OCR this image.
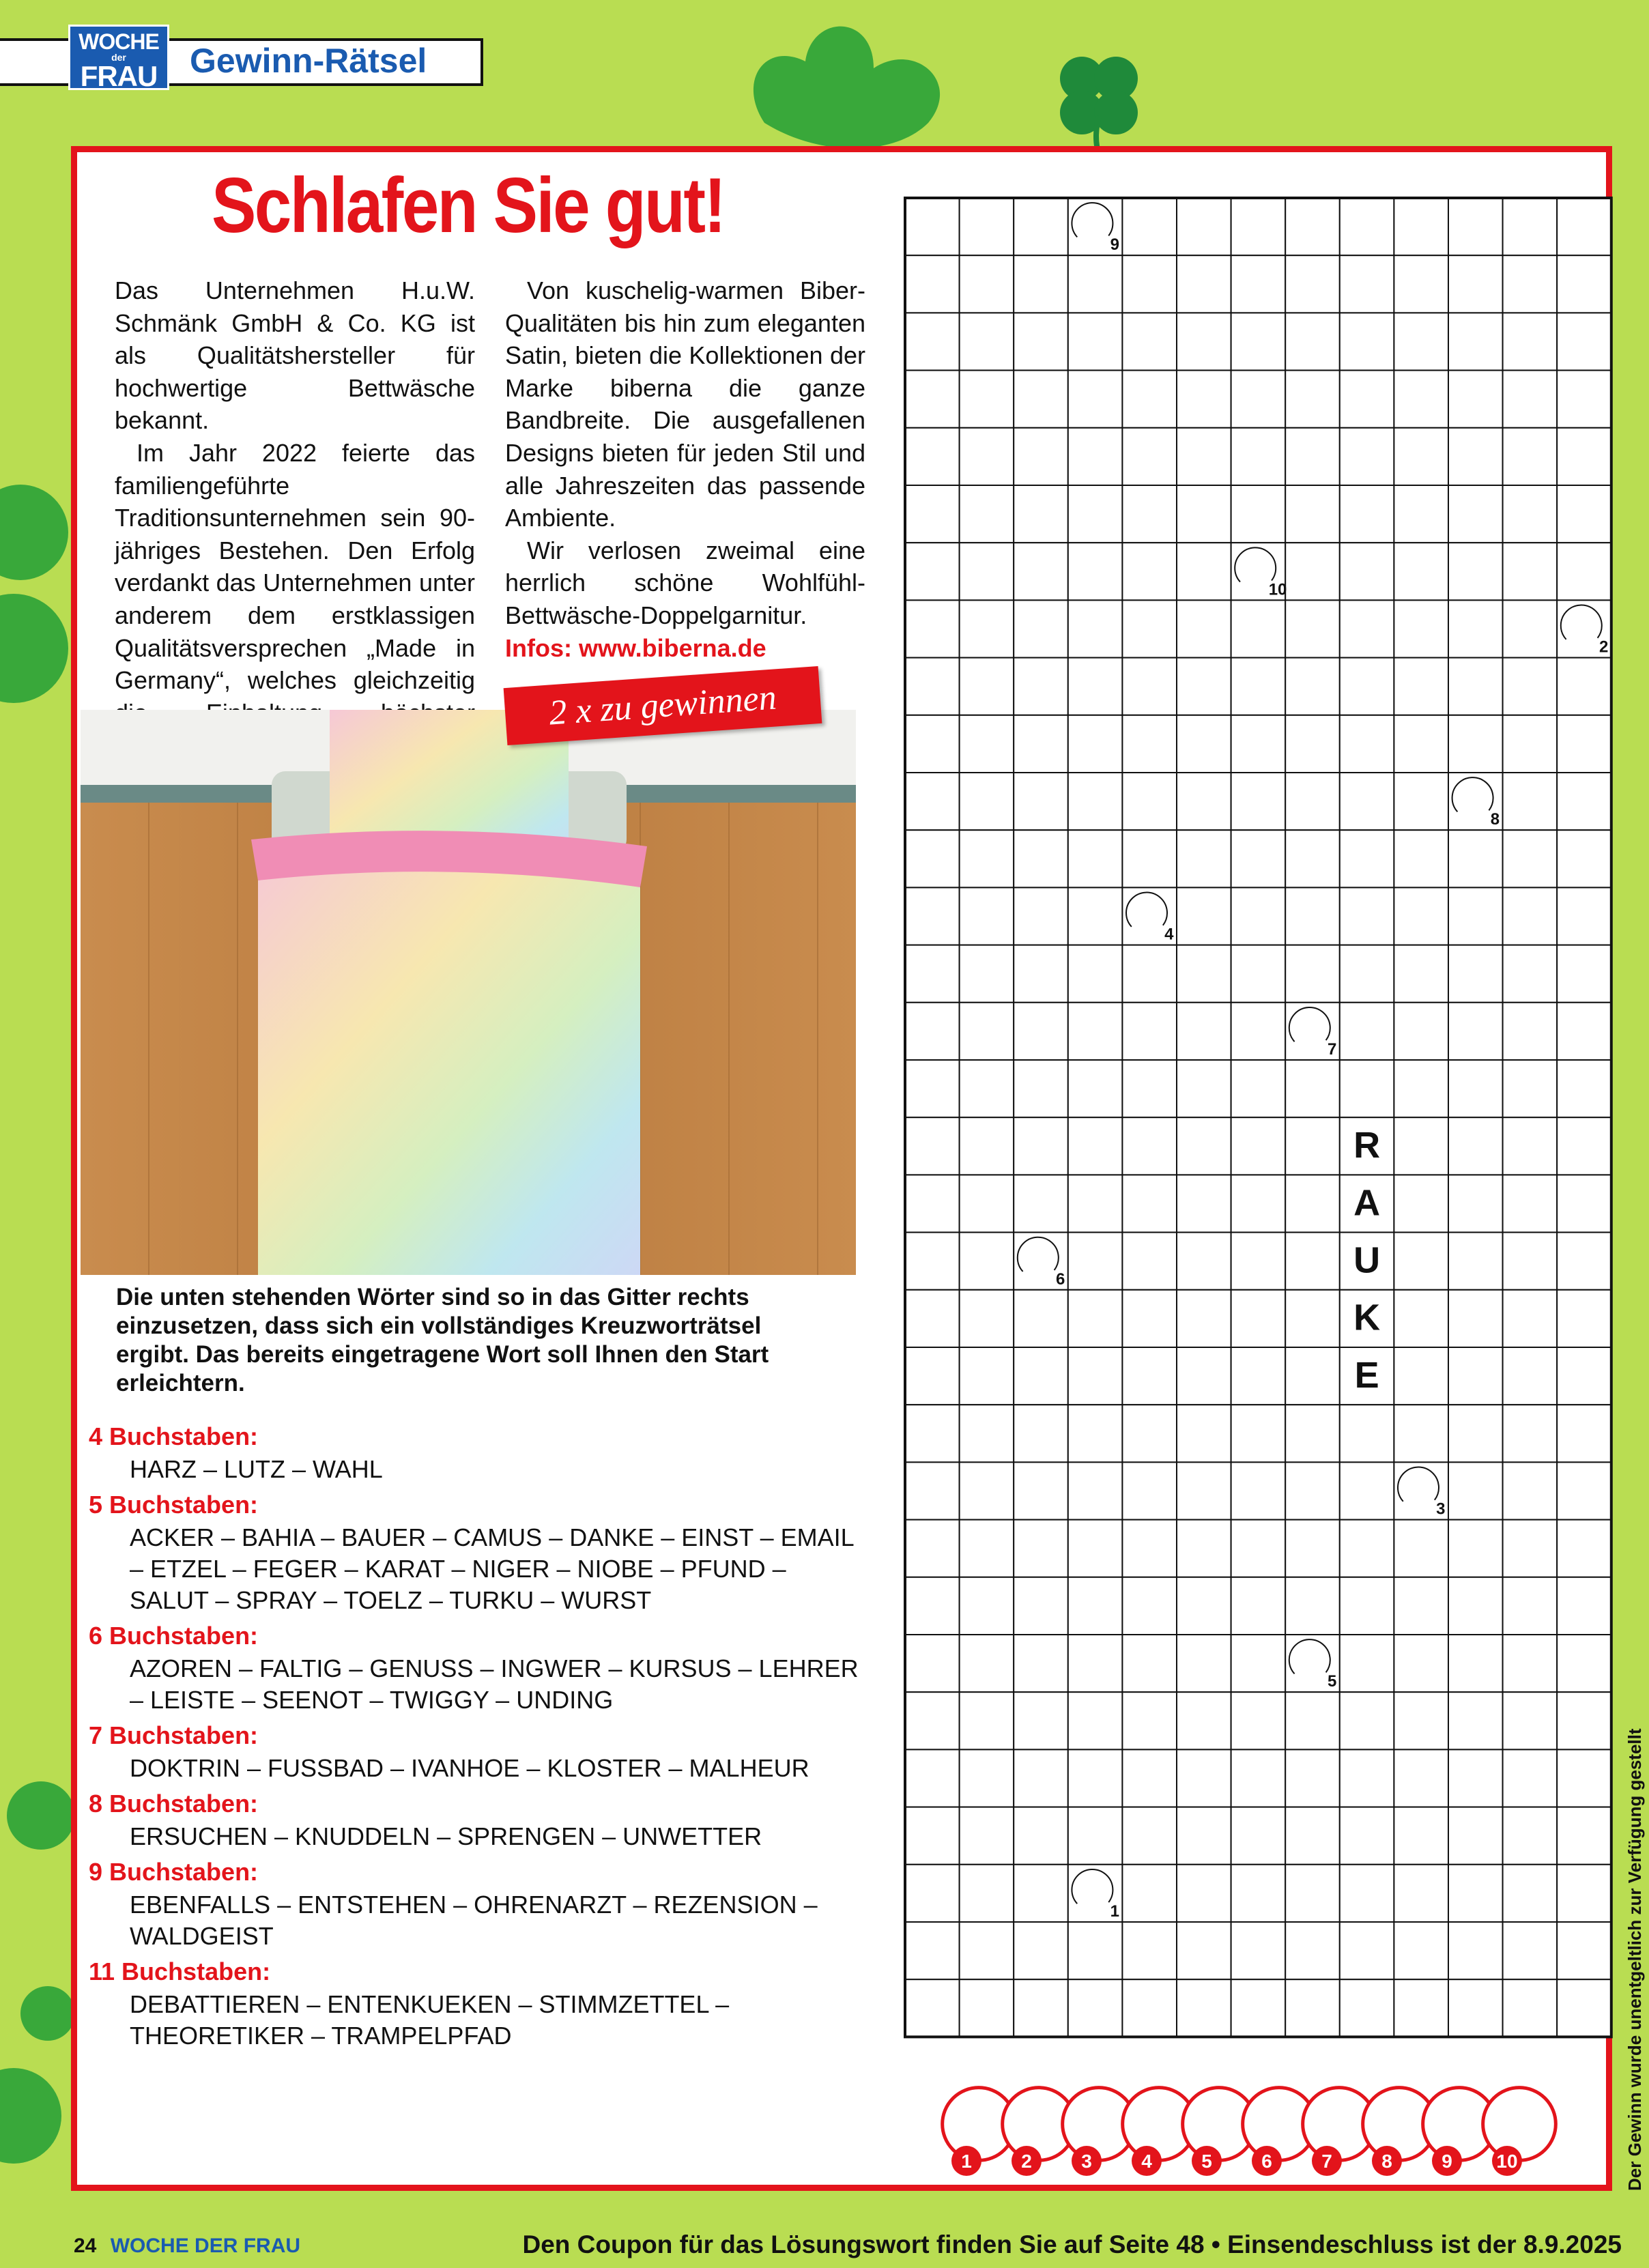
WOCHE
der
FRAU Gewinn-Rätsel
Schlafen Sie gut!

Das Unternehmen H.u.W. Schmänk GmbH & Co. KG ist als Qualitätshersteller für hochwertige Bettwäsche bekannt.

Im Jahr 2022 feierte das familiengeführte Traditionsunternehmen sein 90-jähriges Bestehen. Den Erfolg verdankt das Unternehmen unter anderem dem erstklassigen Qualitätsversprechen „Made in Germany“, welches gleichzeitig

Von kuschelig-warmen Biber-Qualitäten bis hin zum eleganten Satin, bieten die Kollektionen der Marke biberna die ganze Bandbreite. Die ausgefallenen Designs bieten für jeden Stil und alle Jahreszeiten das passende Ambiente.

Wir verlosen zweimal eine herrlich schöne Wohlfühl-Bettwäsche-Doppelgarnitur.

Infos: www.biberna.de

2 x zu gewinnen
Die unten stehenden Wörter sind so in das Gitter rechts einzusetzen, dass sich ein vollständiges Kreuzworträtsel ergibt. Das bereits eingetragene Wort soll Ihnen den Start erleichtern.
4 Buchstaben:
HARZ – LUTZ – WAHL
5 Buchstaben:
ACKER – BAHIA – BAUER – CAMUS – DANKE – EINST – EMAIL – ETZEL – FEGER – KARAT – NIGER – NIOBE – PFUND – SALUT – SPRAY – TOELZ – TURKU – WURST
6 Buchstaben:
AZOREN – FALTIG – GENUSS – INGWER – KURSUS – LEHRER – LEISTE – SEENOT – TWIGGY – UNDING
7 Buchstaben:
DOKTRIN – FUSSBAD – IVANHOE – KLOSTER – MALHEUR
8 Buchstaben:
ERSUCHEN – KNUDDELN – SPRENGEN – UNWETTER
9 Buchstaben:
EBENFALLS – ENTSTEHEN – OHRENARZT – REZENSION – WALDGEIST
11 Buchstaben:
DEBATTIEREN – ENTENKUEKEN – STIMMZETTEL – THEORETIKER – TRAMPELPFAD
R
A
U
K
E
9
10
2
8
4
7
6
3
5
1
1	2	3	4	5	6	7	8	9 10	Der Gewinn wurde unentgeltlich zur Verfügung gestellt
24 WOCHE DER FRAU	Den Coupon für das Lösungswort finden Sie auf Seite 48 • Einsendeschluss ist der 8.9.2025
